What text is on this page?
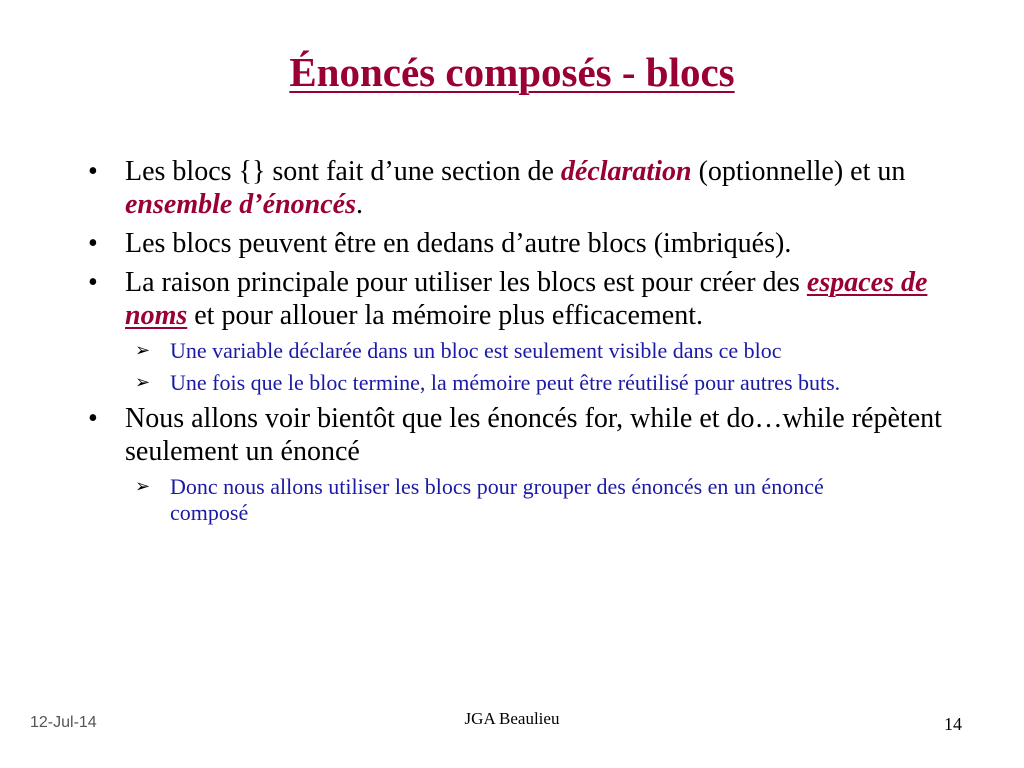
Énoncés composés - blocs
• Les blocs {} sont fait d’une section de déclaration (optionnelle) et un ensemble d’énoncés.
• Les blocs peuvent être en dedans d’autre blocs (imbriqués).
• La raison principale pour utiliser les blocs est pour créer des espaces de noms et pour allouer la mémoire plus efficacement.
➢ Une variable déclarée dans un bloc est seulement visible dans ce bloc
➢ Une fois que le bloc termine, la mémoire peut être réutilisé pour autres buts.
• Nous allons voir bientôt que les énoncés for, while et do…while répètent seulement un énoncé
➢ Donc nous allons utiliser les blocs pour grouper des énoncés en un énoncé composé
12-Jul-14	JGA Beaulieu	14
